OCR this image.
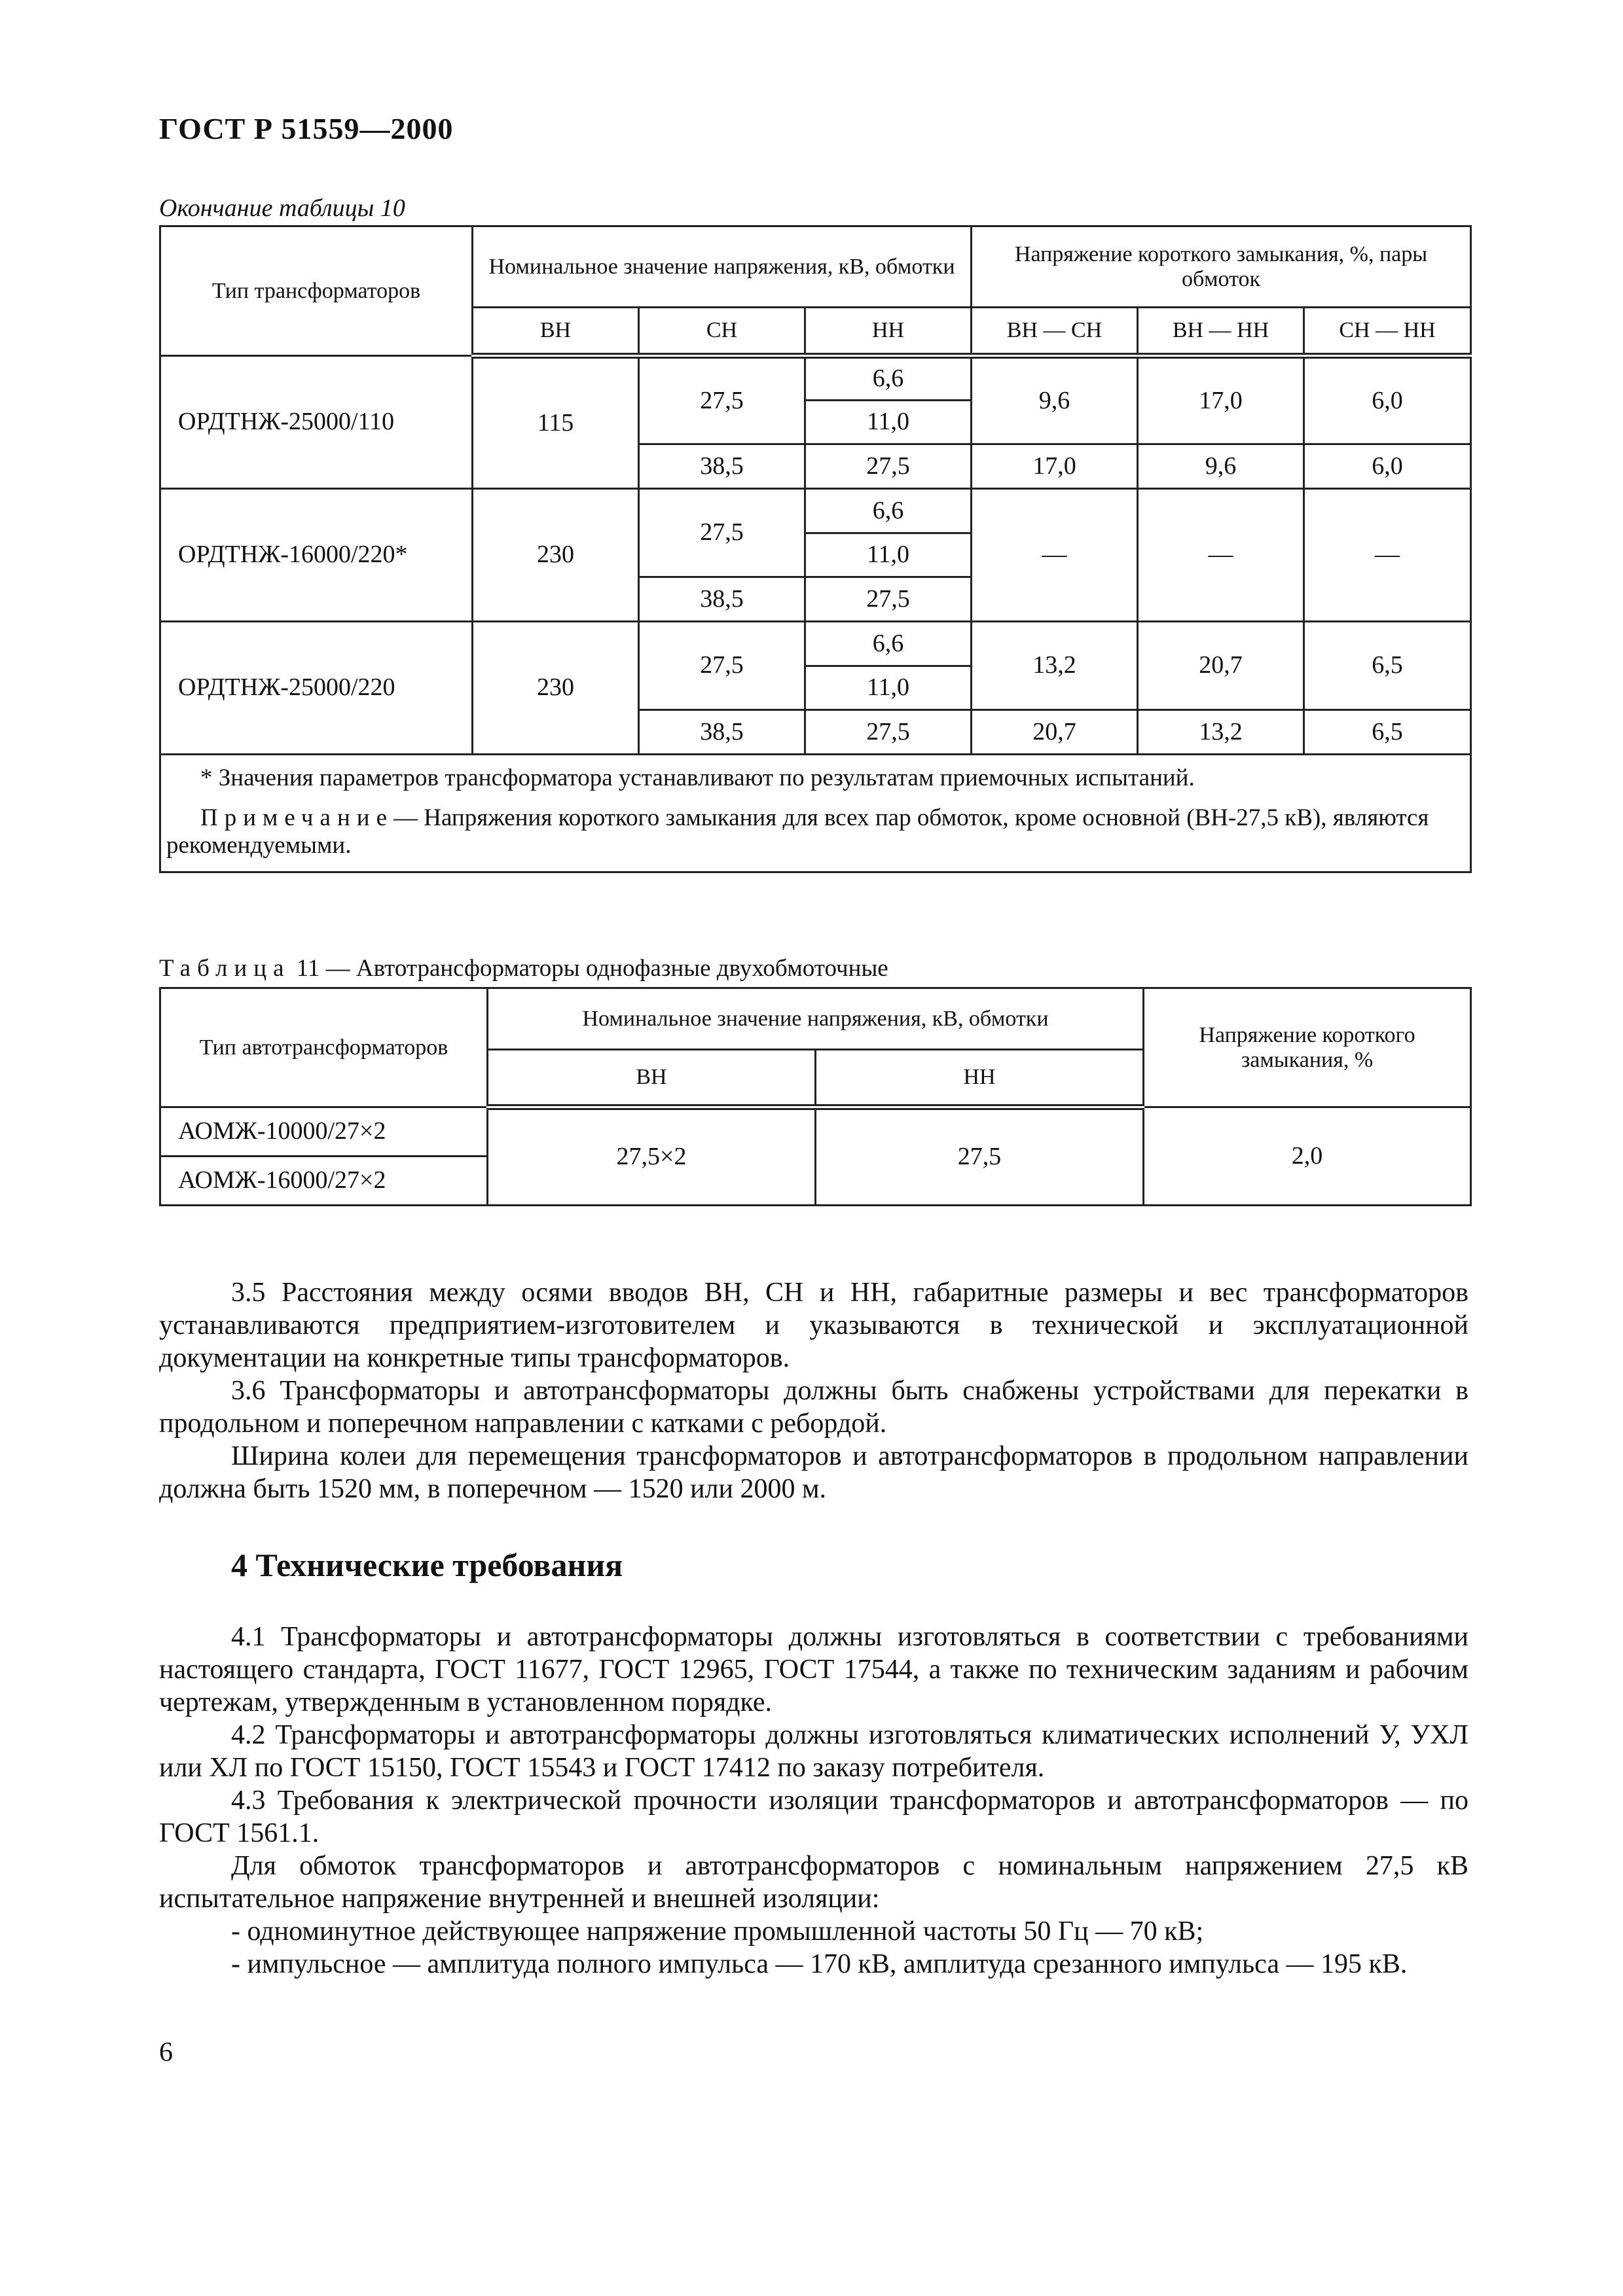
ГОСТ Р 51559—2000
Окончание таблицы 10
Тип трансформаторов	Номинальное значение напряжения, кВ, обмотки			Напряжение короткого замыкания, %, пары обмоток		
	ВН	СН	НН	ВН — СН	ВН — НН	СН — НН
ОРДТНЖ-25000/110	115	27,5	6,6	9,6	17,0	6,0
			11,0			
		38,5	27,5	17,0	9,6	6,0
ОРДТНЖ-16000/220*	230	27,5	6,6	—	—	—
			11,0			
		38,5	27,5			
ОРДТНЖ-25000/220	230	27,5	6,6	13,2	20,7	6,5
			11,0			
		38,5	27,5	20,7	13,2	6,5

* Значения параметров трансформатора устанавливают по результатам приемочных испытаний.

Примечание— Напряжения короткого замыкания для всех пар обмоток, кроме основной (ВН-27,5 кВ), являются рекомендуемыми.						

Таблица 11 — Автотрансформаторы однофазные двухобмоточные
Тип автотрансформаторов	Номинальное значение напряжения, кВ, обмотки		Напряжение короткого замыкания, %
	ВН	НН	
АОМЖ-10000/27×2	27,5×2	27,5	2,0
АОМЖ-16000/27×2			

3.5 Расстояния между осями вводов ВН, СН и НН, габаритные размеры и вес трансформаторов устанавливаются предприятием-изготовителем и указываются в технической и эксплуатационной документации на конкретные типы трансформаторов.

3.6 Трансформаторы и автотрансформаторы должны быть снабжены устройствами для перекатки в продольном и поперечном направлении с катками с ребордой.

Ширина колеи для перемещения трансформаторов и автотрансформаторов в продольном направлении должна быть 1520 мм, в поперечном — 1520 или 2000 м.

4 Технические требования

4.1 Трансформаторы и автотрансформаторы должны изготовляться в соответствии с требованиями настоящего стандарта, ГОСТ 11677, ГОСТ 12965, ГОСТ 17544, а также по техническим заданиям и рабочим чертежам, утвержденным в установленном порядке.

4.2 Трансформаторы и автотрансформаторы должны изготовляться климатических исполнений У, УХЛ или ХЛ по ГОСТ 15150, ГОСТ 15543 и ГОСТ 17412 по заказу потребителя.

4.3 Требования к электрической прочности изоляции трансформаторов и автотрансформаторов — по ГОСТ 1561.1.

Для обмоток трансформаторов и автотрансформаторов с номинальным напряжением 27,5 кВ испытательное напряжение внутренней и внешней изоляции:

- одноминутное действующее напряжение промышленной частоты 50 Гц — 70 кВ;

- импульсное — амплитуда полного импульса — 170 кВ, амплитуда срезанного импульса — 195 кВ.

6
